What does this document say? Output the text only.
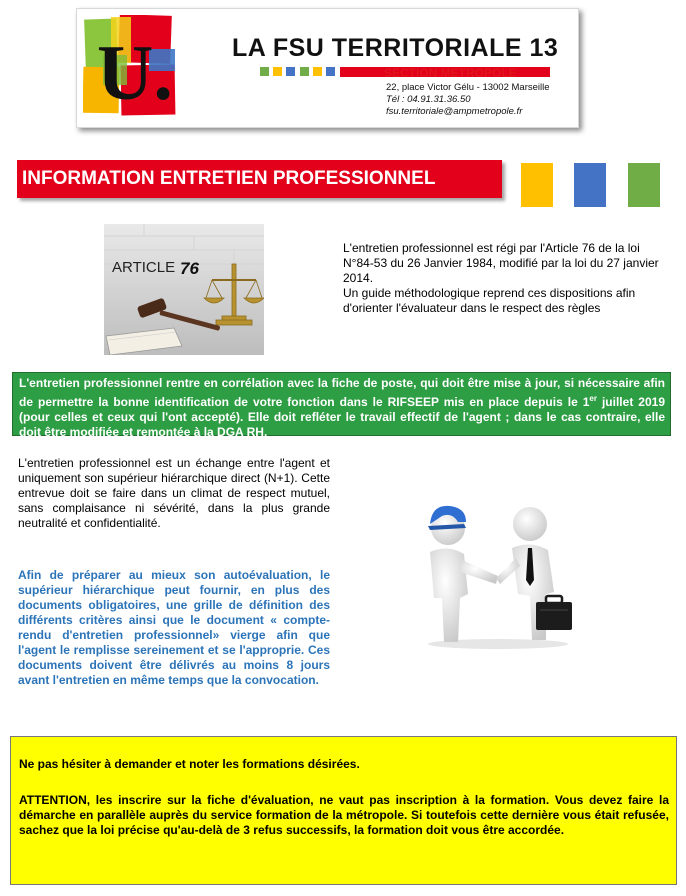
U. LA FSU TERRITORIALE 13
SECTION METROPOLE
22, place Victor Gélu - 13002 Marseille
Tél : 04.91.31.36.50
fsu.territoriale@ampmetropole.fr
INFORMATION ENTRETIEN PROFESSIONNEL
ARTICLE 76
L'entretien professionnel est régi par l'Article 76 de la loi N°84-53 du 26 Janvier 1984, modifié par la loi du 27 janvier 2014.
Un guide méthodologique reprend ces dispositions afin d'orienter l'évaluateur dans le respect des règles
L'entretien professionnel rentre en corrélation avec la fiche de poste, qui doit être mise à jour, si nécessaire afin de permettre la bonne identification de votre fonction dans le RIFSEEP mis en place depuis le 1er juillet 2019 (pour celles et ceux qui l'ont accepté). Elle doit refléter le travail effectif de l'agent ; dans le cas contraire, elle doit être modifiée et remontée à la DGA RH.
L'entretien professionnel est un échange entre l'agent et uniquement son supérieur hiérarchique direct (N+1). Cette entrevue doit se faire dans un climat de respect mutuel, sans complaisance ni sévérité, dans la plus grande neutralité et confidentialité.
Afin de préparer au mieux son autoévaluation, le supérieur hiérarchique peut fournir, en plus des documents obligatoires, une grille de définition des différents critères ainsi que le document « compte-rendu d'entretien professionnel» vierge afin que l'agent le remplisse sereinement et se l'approprie. Ces documents doivent être délivrés au moins 8 jours avant l'entretien en même temps que la convocation.
Ne pas hésiter à demander et noter les formations désirées.
ATTENTION, les inscrire sur la fiche d'évaluation, ne vaut pas inscription à la formation. Vous devez faire la démarche en parallèle auprès du service formation de la métropole. Si toutefois cette dernière vous était refusée, sachez que la loi précise qu'au-delà de 3 refus successifs, la formation doit vous être accordée.
